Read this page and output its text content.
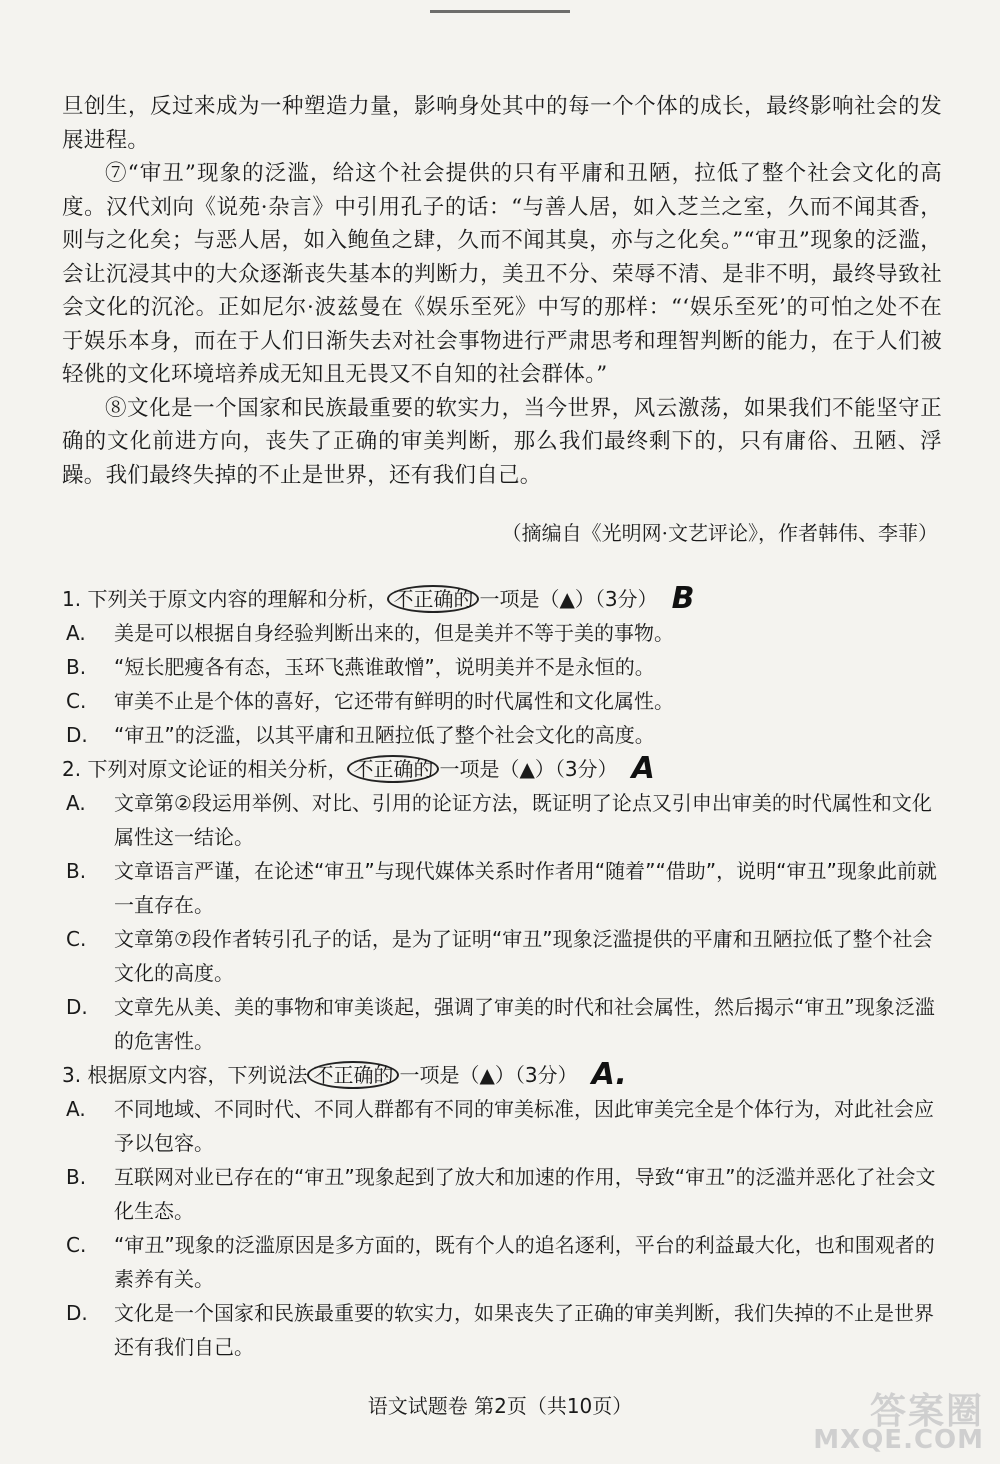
旦创生，反过来成为一种塑造力量，影响身处其中的每一个个体的成长，最终影响社会的发展进程。

⑦“审丑”现象的泛滥，给这个社会提供的只有平庸和丑陋，拉低了整个社会文化的高度。汉代刘向《说苑·杂言》中引用孔子的话：“与善人居，如入芝兰之室，久而不闻其香，则与之化矣；与恶人居，如入鲍鱼之肆，久而不闻其臭，亦与之化矣。”“审丑”现象的泛滥，会让沉浸其中的大众逐渐丧失基本的判断力，美丑不分、荣辱不清、是非不明，最终导致社会文化的沉沦。正如尼尔·波兹曼在《娱乐至死》中写的那样：“‘娱乐至死’的可怕之处不在于娱乐本身，而在于人们日渐失去对社会事物进行严肃思考和理智判断的能力，在于人们被轻佻的文化环境培养成无知且无畏又不自知的社会群体。”

⑧文化是一个国家和民族最重要的软实力，当今世界，风云激荡，如果我们不能坚守正确的文化前进方向，丧失了正确的审美判断，那么我们最终剩下的，只有庸俗、丑陋、浮躁。我们最终失掉的不止是世界，还有我们自己。

（摘编自《光明网·文艺评论》，作者韩伟、李菲）

1. 下列关于原文内容的理解和分析， 不正确的 一项是（▲）（3分） B

A. 美是可以根据自身经验判断出来的，但是美并不等于美的事物。

B. “短长肥瘦各有态，玉环飞燕谁敢憎”，说明美并不是永恒的。

C. 审美不止是个体的喜好，它还带有鲜明的时代属性和文化属性。

D. “审丑”的泛滥，以其平庸和丑陋拉低了整个社会文化的高度。

2. 下列对原文论证的相关分析， 不正确的 一项是（▲）（3分） A

A. 文章第②段运用举例、对比、引用的论证方法，既证明了论点又引申出审美的时代属性和文化属性这一结论。

B. 文章语言严谨，在论述“审丑”与现代媒体关系时作者用“随着”“借助”，说明“审丑”现象此前就一直存在。

C. 文章第⑦段作者转引孔子的话，是为了证明“审丑”现象泛滥提供的平庸和丑陋拉低了整个社会文化的高度。

D. 文章先从美、美的事物和审美谈起，强调了审美的时代和社会属性，然后揭示“审丑”现象泛滥的危害性。

3. 根据原文内容，下列说法 不正确的 一项是（▲）（3分） A.

A. 不同地域、不同时代、不同人群都有不同的审美标准，因此审美完全是个体行为，对此社会应予以包容。

B. 互联网对业已存在的“审丑”现象起到了放大和加速的作用，导致“审丑”的泛滥并恶化了社会文化生态。

C. “审丑”现象的泛滥原因是多方面的，既有个人的追名逐利，平台的利益最大化，也和围观者的素养有关。

D. 文化是一个国家和民族最重要的软实力，如果丧失了正确的审美判断，我们失掉的不止是世界还有我们自己。

语文试题卷 第2页（共10页）	答案圈
MXQE.COM
